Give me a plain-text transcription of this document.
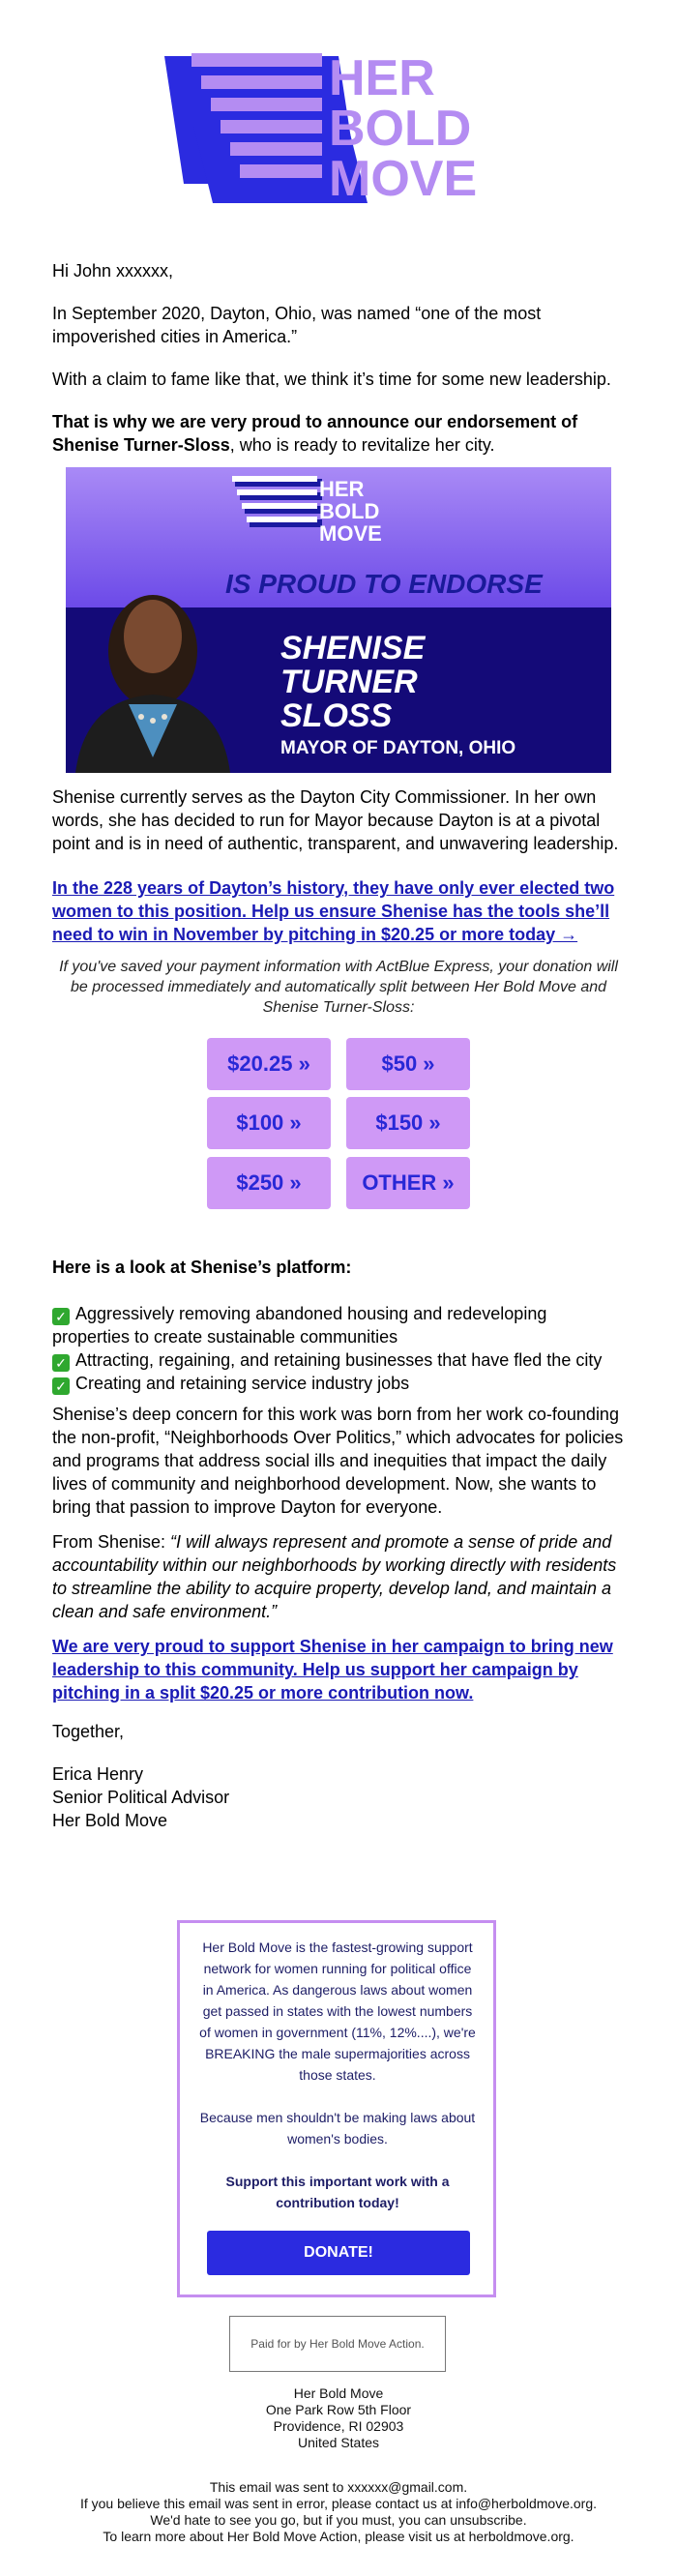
HER
BOLD
MOVE

Hi John xxxxxx,

In September 2020, Dayton, Ohio, was named “one of the most impoverished cities in America.”

With a claim to fame like that, we think it’s time for some new leadership.

That is why we are very proud to announce our endorsement of Shenise Turner-Sloss, who is ready to revitalize her city.

HER
BOLD
MOVE
IS PROUD TO ENDORSE
SHENISE
TURNER
SLOSS
MAYOR OF DAYTON, OHIO

Shenise currently serves as the Dayton City Commissioner. In her own words, she has decided to run for Mayor because Dayton is at a pivotal point and is in need of authentic, transparent, and unwavering leadership.

In the 228 years of Dayton’s history, they have only ever elected two women to this position. Help us ensure Shenise has the tools she’ll need to win in November by pitching in $20.25 or more today →

If you've saved your payment information with ActBlue Express, your donation will be processed immediately and automatically split between Her Bold Move and Shenise Turner-Sloss:
$20.25 »	$50 »
$100 »	$150 »
$250 »	OTHER »

Here is a look at Shenise’s platform:

✓ Aggressively removing abandoned housing and redeveloping properties to create sustainable communities
✓ Attracting, regaining, and retaining businesses that have fled the city
✓ Creating and retaining service industry jobs

Shenise’s deep concern for this work was born from her work co-founding the non-profit, “Neighborhoods Over Politics,” which advocates for policies and programs that address social ills and inequities that impact the daily lives of community and neighborhood development. Now, she wants to bring that passion to improve Dayton for everyone.

From Shenise: “I will always represent and promote a sense of pride and accountability within our neighborhoods by working directly with residents to streamline the ability to acquire property, develop land, and maintain a clean and safe environment.”

We are very proud to support Shenise in her campaign to bring new leadership to this community. Help us support her campaign by pitching in a split $20.25 or more contribution now.

Together,

Erica Henry

Senior Political Advisor

Her Bold Move

Her Bold Move is the fastest-growing support network for women running for political office in America. As dangerous laws about women get passed in states with the lowest numbers of women in government (11%, 12%....), we're BREAKING the male supermajorities across those states.
Because men shouldn't be making laws about women's bodies.
Support this important work with a contribution today!
DONATE!
Paid for by Her Bold Move Action.
Her Bold Move
One Park Row 5th Floor
Providence, RI 02903
United States
This email was sent to xxxxxx@gmail.com.
If you believe this email was sent in error, please contact us at info@herboldmove.org.
We'd hate to see you go, but if you must, you can unsubscribe.
To learn more about Her Bold Move Action, please visit us at herboldmove.org.
